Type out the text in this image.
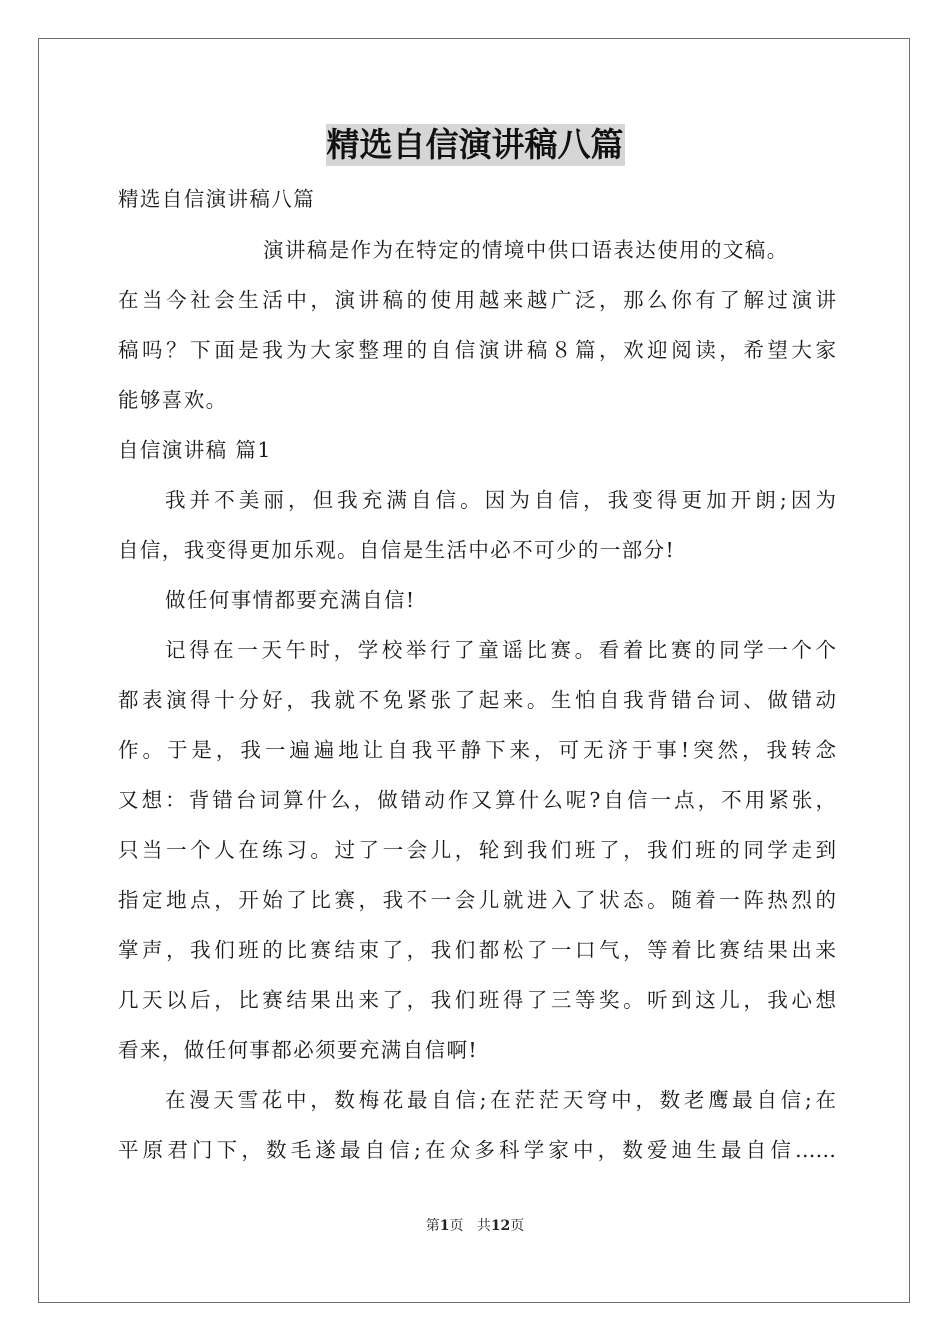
精选自信演讲稿八篇
精选自信演讲稿八篇
演讲稿是作为在特定的情境中供口语表达使用的文稿。
在当今社会生活中，演讲稿的使用越来越广泛，那么你有了解过演讲
稿吗？下面是我为大家整理的自信演讲稿８篇，欢迎阅读，希望大家
能够喜欢。
自信演讲稿 篇1
我并不美丽，但我充满自信。因为自信，我变得更加开朗;因为
自信，我变得更加乐观。自信是生活中必不可少的一部分!
做任何事情都要充满自信!
记得在一天午时，学校举行了童谣比赛。看着比赛的同学一个个
都表演得十分好，我就不免紧张了起来。生怕自我背错台词、做错动
作。于是，我一遍遍地让自我平静下来，可无济于事!突然，我转念
又想：背错台词算什么，做错动作又算什么呢?自信一点，不用紧张，
只当一个人在练习。过了一会儿，轮到我们班了，我们班的同学走到
指定地点，开始了比赛，我不一会儿就进入了状态。随着一阵热烈的
掌声，我们班的比赛结束了，我们都松了一口气，等着比赛结果出来
几天以后，比赛结果出来了，我们班得了三等奖。听到这儿，我心想
看来，做任何事都必须要充满自信啊!
在漫天雪花中，数梅花最自信;在茫茫天穹中，数老鹰最自信;在
平原君门下，数毛遂最自信;在众多科学家中，数爱迪生最自信……
第1页 共12页
